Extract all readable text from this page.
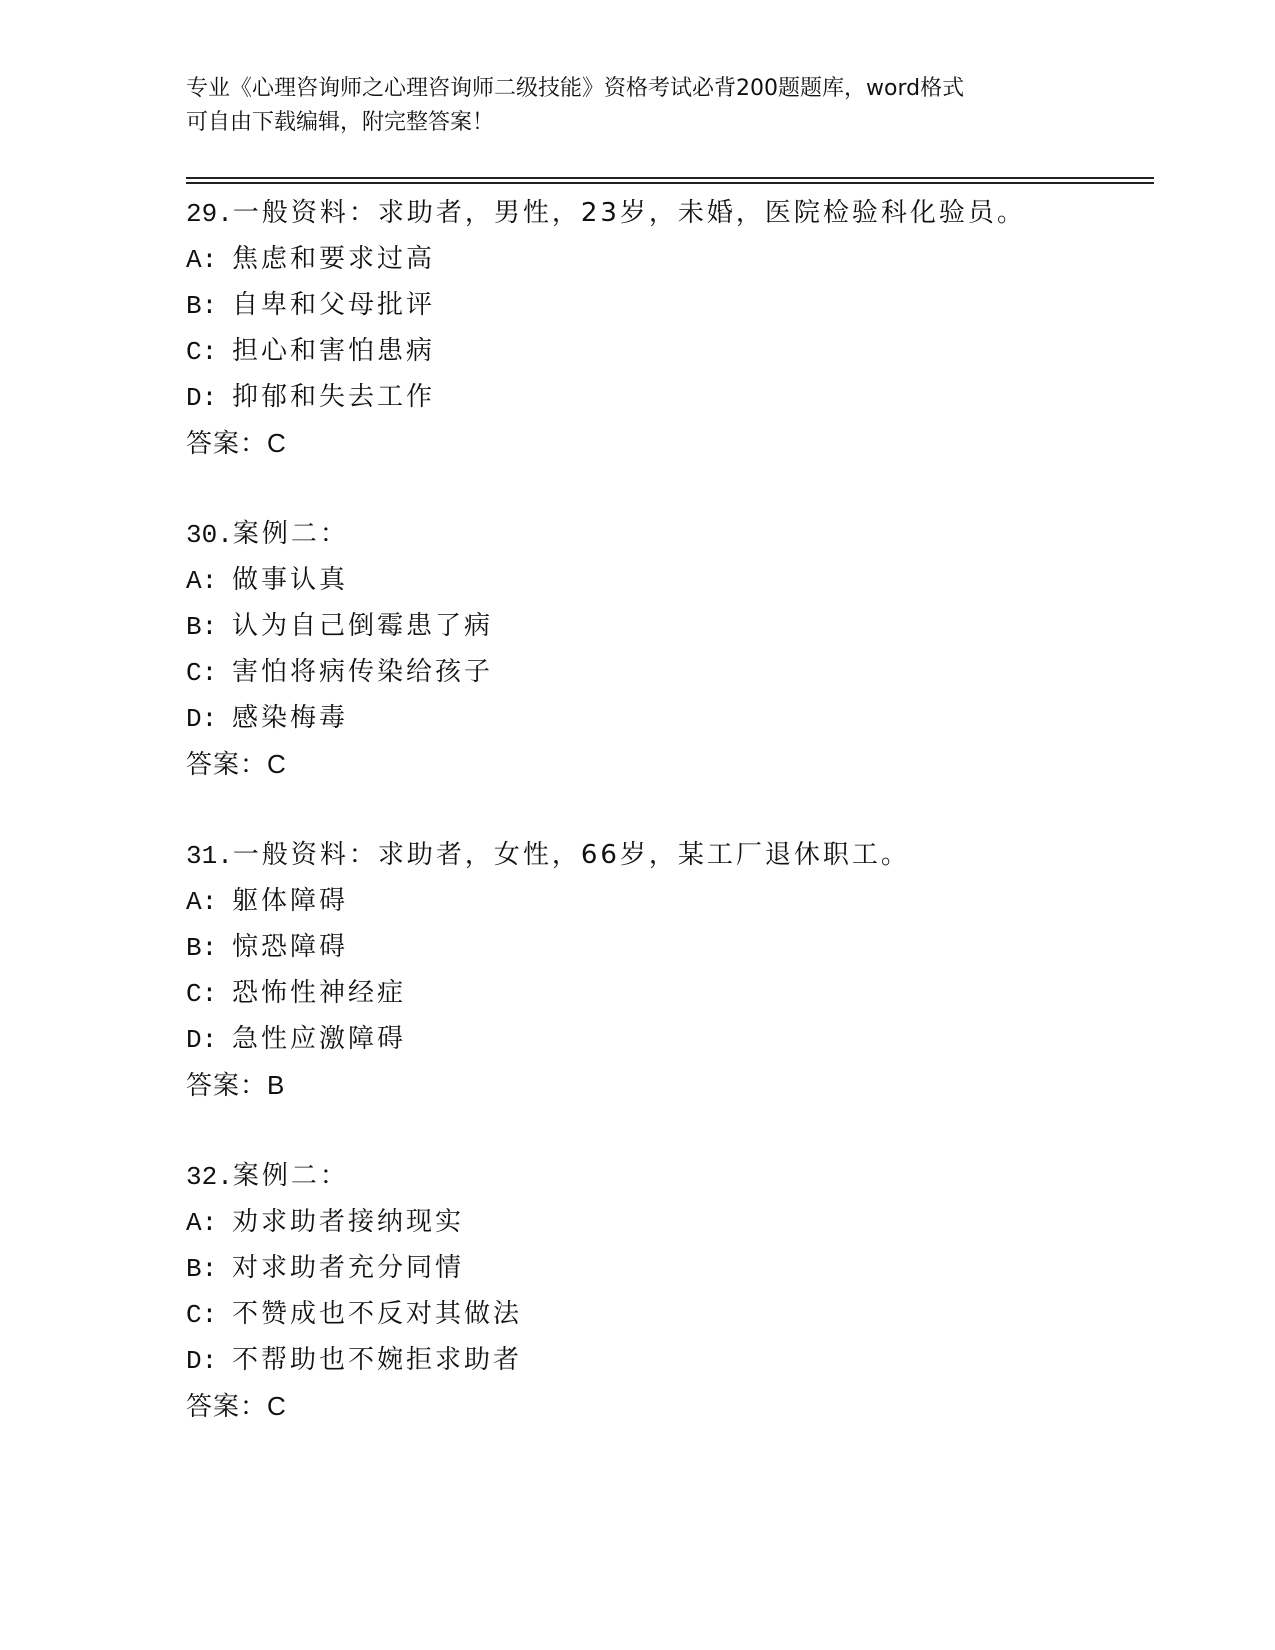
专业《心理咨询师之心理咨询师二级技能》资格考试必背200题题库，word格式
可自由下载编辑，附完整答案！
29.一般资料：求助者，男性，23岁，未婚，医院检验科化验员。
A: 焦虑和要求过高
B: 自卑和父母批评
C: 担心和害怕患病
D: 抑郁和失去工作
答案：C
30.案例二：
A: 做事认真
B: 认为自己倒霉患了病
C: 害怕将病传染给孩子
D: 感染梅毒
答案：C
31.一般资料：求助者，女性，66岁，某工厂退休职工。
A: 躯体障碍
B: 惊恐障碍
C: 恐怖性神经症
D: 急性应激障碍
答案：B
32.案例二：
A: 劝求助者接纳现实
B: 对求助者充分同情
C: 不赞成也不反对其做法
D: 不帮助也不婉拒求助者
答案：C
